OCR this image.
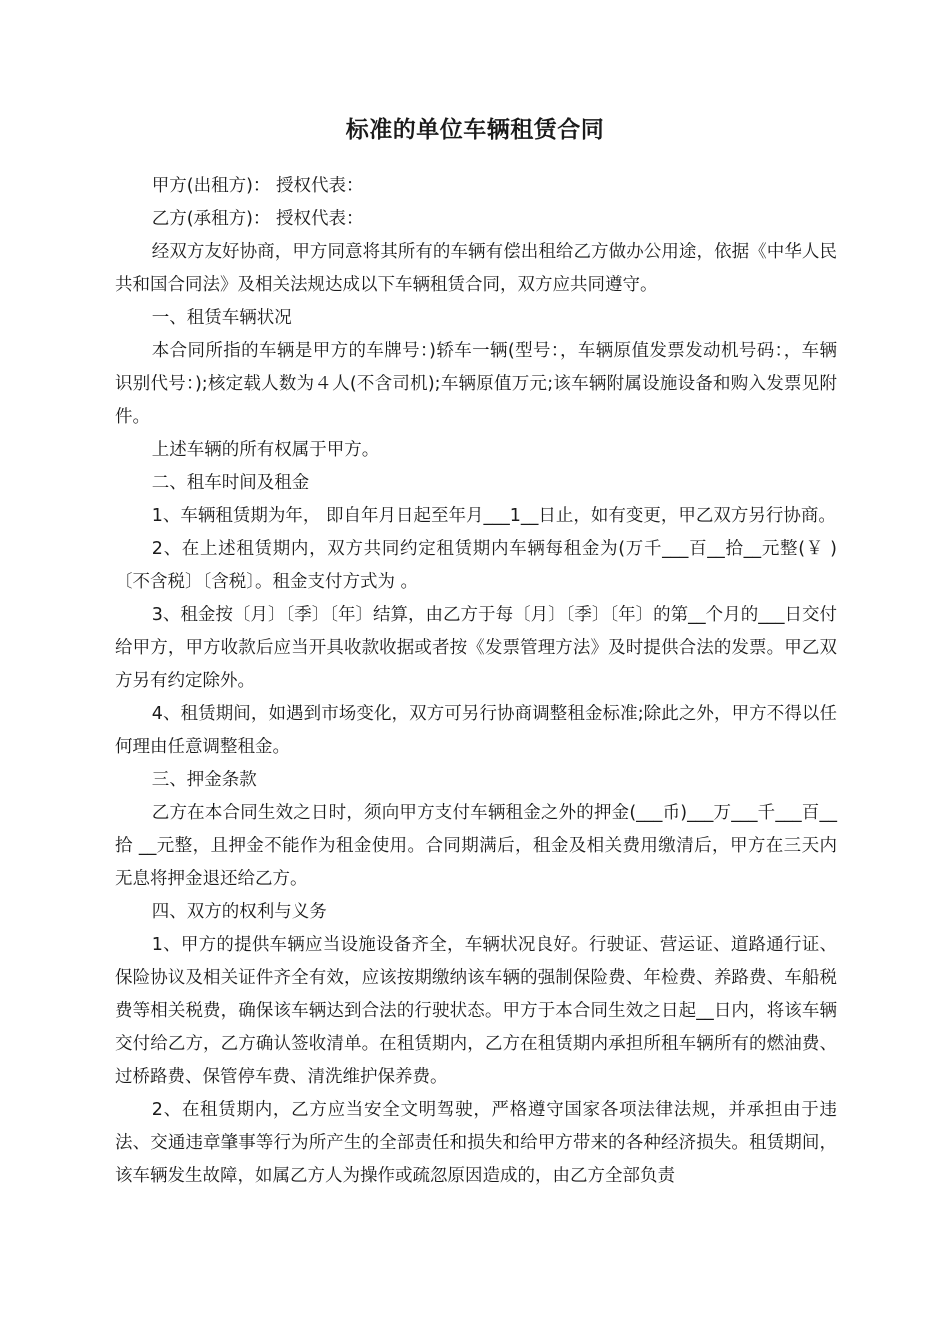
标准的单位车辆租赁合同

甲方(出租方)： 授权代表：

乙方(承租方)： 授权代表：

经双方友好协商，甲方同意将其所有的车辆有偿出租给乙方做办公用途，依据《中华人民共和国合同法》及相关法规达成以下车辆租赁合同，双方应共同遵守。

一、租赁车辆状况

本合同所指的车辆是甲方的车牌号：)轿车一辆(型号：，车辆原值发票发动机号码：，车辆识别代号：);核定载人数为４人(不含司机);车辆原值万元;该车辆附属设施设备和购入发票见附件。

上述车辆的所有权属于甲方。

二、租车时间及租金

1、车辆租赁期为年， 即自年月日起至年月___1__日止，如有变更，甲乙双方另行协商。

2、在上述租赁期内，双方共同约定租赁期内车辆每租金为(万千___百__拾__元整(￥ )〔不含税〕〔含税〕。租金支付方式为 。

3、租金按〔月〕〔季〕〔年〕结算，由乙方于每〔月〕〔季〕〔年〕的第__个月的___日交付给甲方，甲方收款后应当开具收款收据或者按《发票管理方法》及时提供合法的发票。甲乙双方另有约定除外。

4、租赁期间，如遇到市场变化，双方可另行协商调整租金标准;除此之外，甲方不得以任何理由任意调整租金。

三、押金条款

乙方在本合同生效之日时，须向甲方支付车辆租金之外的押金(___币)___万___千___百__拾 __元整，且押金不能作为租金使用。合同期满后，租金及相关费用缴清后，甲方在三天内无息将押金退还给乙方。

四、双方的权利与义务

1、甲方的提供车辆应当设施设备齐全，车辆状况良好。行驶证、营运证、道路通行证、保险协议及相关证件齐全有效，应该按期缴纳该车辆的强制保险费、年检费、养路费、车船税费等相关税费，确保该车辆达到合法的行驶状态。甲方于本合同生效之日起__日内，将该车辆交付给乙方，乙方确认签收清单。在租赁期内，乙方在租赁期内承担所租车辆所有的燃油费、过桥路费、保管停车费、清洗维护保养费。

2、在租赁期内，乙方应当安全文明驾驶，严格遵守国家各项法律法规，并承担由于违法、交通违章肇事等行为所产生的全部责任和损失和给甲方带来的各种经济损失。租赁期间，该车辆发生故障，如属乙方人为操作或疏忽原因造成的，由乙方全部负责
